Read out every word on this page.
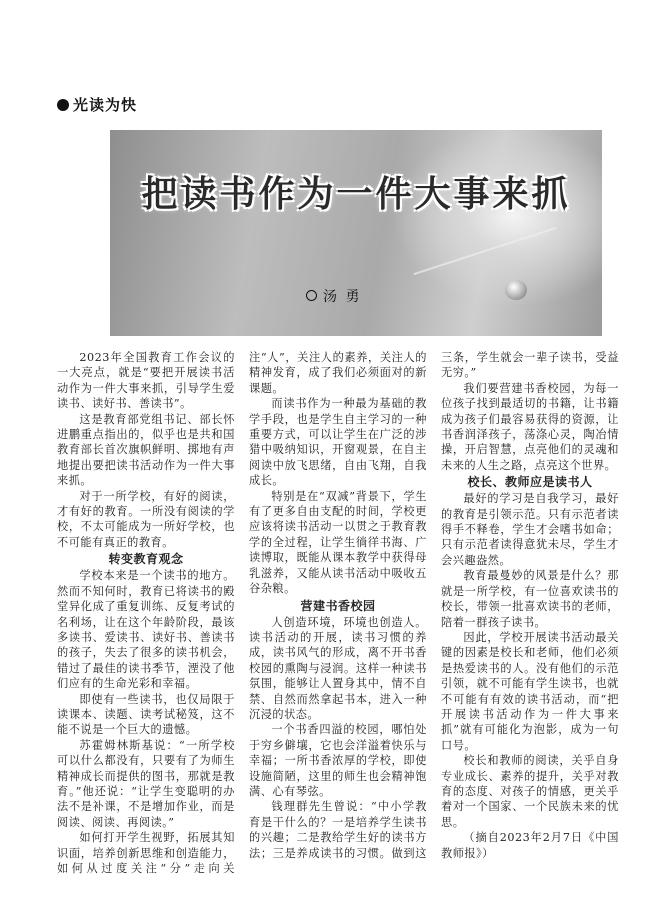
光读为快
把读书作为一件大事来抓
汤 勇

2023年全国教育工作会议的一大亮点，就是“要把开展读书活动作为一件大事来抓，引导学生爱读书、读好书、善读书”。

这是教育部党组书记、部长怀进鹏重点指出的，似乎也是共和国教育部长首次旗帜鲜明、掷地有声地提出要把读书活动作为一件大事来抓。

对于一所学校，有好的阅读，才有好的教育。一所没有阅读的学校，不太可能成为一所好学校，也不可能有真正的教育。

转变教育观念

学校本来是一个读书的地方。然而不知何时，教育已将读书的殿堂异化成了重复训练、反复考试的名利场，让在这个年龄阶段，最该多读书、爱读书、读好书、善读书的孩子，失去了很多的读书机会，错过了最佳的读书季节，湮没了他们应有的生命光彩和幸福。

即使有一些读书，也仅局限于读课本、读题、读考试秘笈，这不能不说是一个巨大的遗憾。

苏霍姆林斯基说：“一所学校可以什么都没有，只要有了为师生精神成长而提供的图书，那就是教育。”他还说：“让学生变聪明的办法不是补课，不是增加作业，而是阅读、阅读、再阅读。”

如何打开学生视野，拓展其知识面，培养创新思维和创造能力，如何从过度关注“分”走向关注“人”，关注人的素养，关注人的精神发育，成了我们必须面对的新课题。

而读书作为一种最为基础的教学手段，也是学生自主学习的一种重要方式，可以让学生在广泛的涉猎中吸纳知识，开窗观景，在自主阅读中放飞思绪，自由飞翔，自我成长。

特别是在“双减”背景下，学生有了更多自由支配的时间，学校更应该将读书活动一以贯之于教育教学的全过程，让学生徜徉书海、广读博取，既能从课本教学中获得母乳滋养，又能从读书活动中吸收五谷杂粮。

营建书香校园

人创造环境，环境也创造人。读书活动的开展，读书习惯的养成，读书风气的形成，离不开书香校园的熏陶与浸润。这样一种读书氛围，能够让人置身其中，情不自禁、自然而然拿起书本，进入一种沉浸的状态。

一个书香四溢的校园，哪怕处于穷乡僻壤，它也会洋溢着快乐与幸福；一所书香浓厚的学校，即使设施简陋，这里的师生也会精神饱满、心有琴弦。

钱理群先生曾说：“中小学教育是干什么的？一是培养学生读书的兴趣；二是教给学生好的读书方法；三是养成读书的习惯。做到这三条，学生就会一辈子读书，受益无穷。”

我们要营建书香校园，为每一位孩子找到最适切的书籍，让书籍成为孩子们最容易获得的资源，让书香润泽孩子，荡涤心灵，陶冶情操，开启智慧，点亮他们的灵魂和未来的人生之路，点亮这个世界。

校长、教师应是读书人

最好的学习是自我学习，最好的教育是引领示范。只有示范者读得手不释卷，学生才会嗜书如命；只有示范者读得意犹未尽，学生才会兴趣盎然。

教育最曼妙的风景是什么？那就是一所学校，有一位喜欢读书的校长，带领一批喜欢读书的老师，陪着一群孩子读书。

因此，学校开展读书活动最关键的因素是校长和老师，他们必须是热爱读书的人。没有他们的示范引领，就不可能有学生读书，也就不可能有有效的读书活动，而“把开展读书活动作为一件大事来抓”就有可能化为泡影，成为一句口号。

校长和教师的阅读，关乎自身专业成长、素养的提升，关乎对教育的态度、对孩子的情感，更关乎着对一个国家、一个民族未来的忧思。

（摘自2023年2月7日《中国教师报》）
